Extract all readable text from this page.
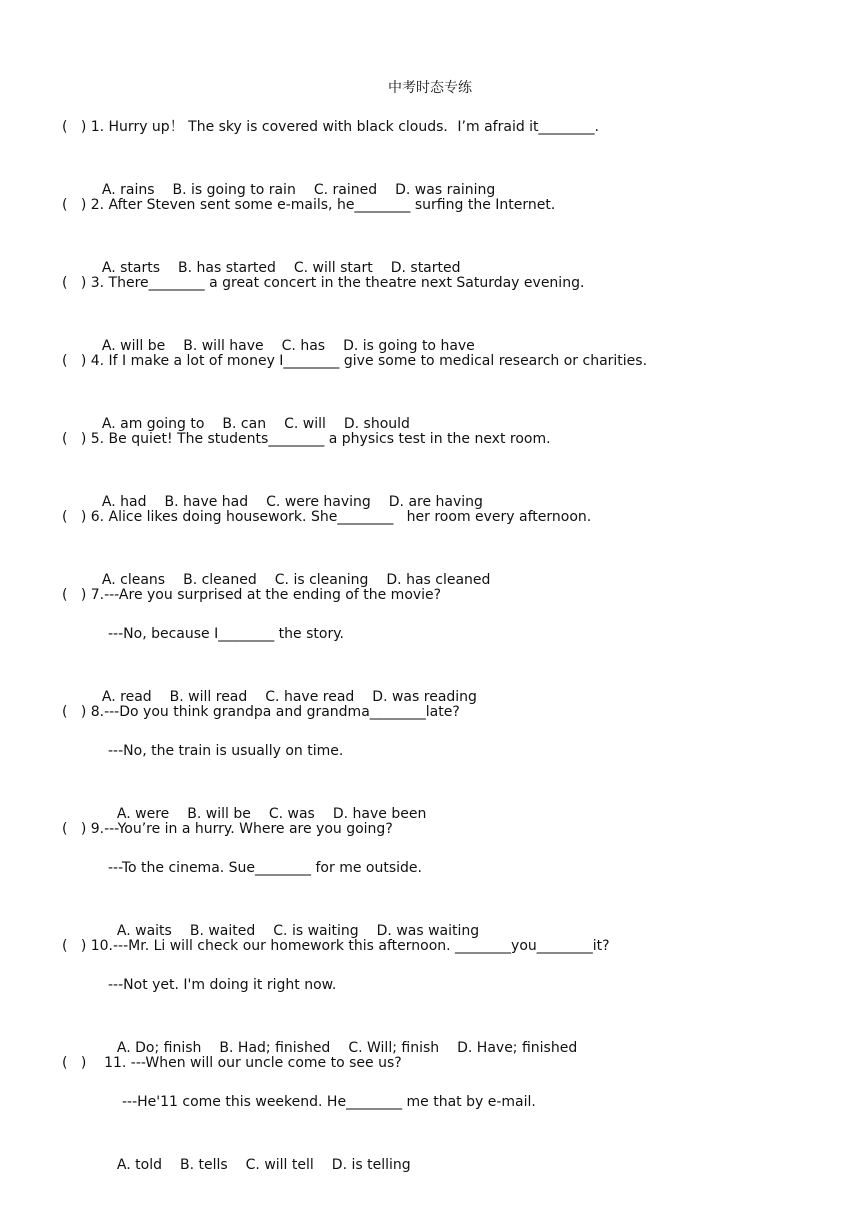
中考时态专练
(   ) 1. Hurry up！ The sky is covered with black clouds．I’m afraid it________.

A. rains B. is going to rain C. rained D. was raining

(   ) 2. After Steven sent some e-mails, he________ surfing the Internet．

A. starts B. has started C. will start D. started

(   ) 3. There________ a great concert in the theatre next Saturday evening．

A. will be B. will have C. has D. is going to have

(   ) 4. If I make a lot of money I________ give some to medical research or charities.

A. am going to B. can C. will D. should

(   ) 5. Be quiet! The students________ a physics test in the next room.

A. had B. have had C. were having D. are having

(   ) 6. Alice likes doing housework. She________   her room every afternoon.

A. cleans B. cleaned C. is cleaning D. has cleaned

(   ) 7.---Are you surprised at the ending of the movie?
---No, because I________ the story.

A. read B. will read C. have read D. was reading

(   ) 8.---Do you think grandpa and grandma________late?
---No, the train is usually on time.

A. were B. will be C. was D. have been

(   ) 9.---You’re in a hurry. Where are you going?
---To the cinema. Sue________ for me outside.

A. waits B. waited C. is waiting D. was waiting

(   ) 10.---Mr. Li will check our homework this afternoon. ________you________it?
---Not yet. I'm doing it right now.

A. Do; finish B. Had; finished C. Will; finish D. Have; finished

(   )    11. ---When will our uncle come to see us?
---He'11 come this weekend. He________ me that by e-mail.

A. told B. tells C. will tell D. is telling
